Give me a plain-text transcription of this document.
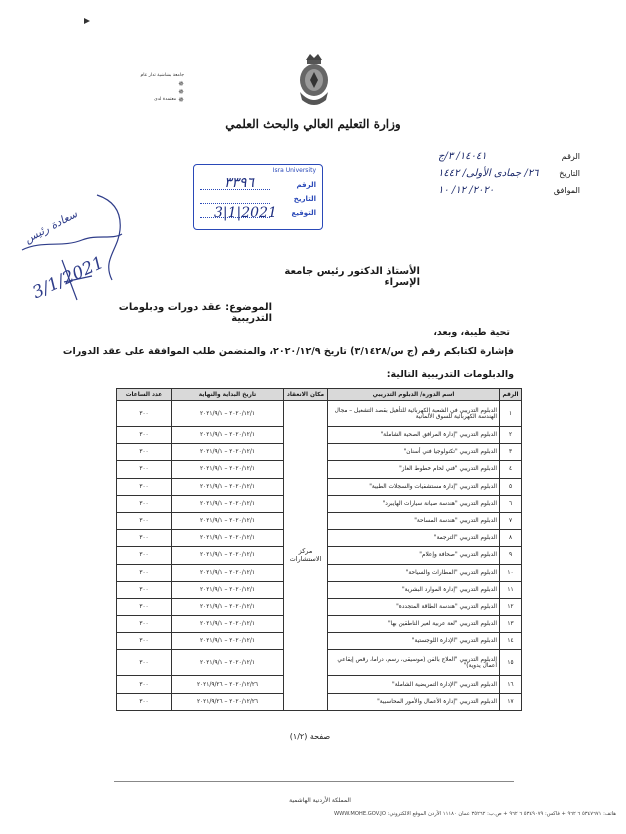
وزارة التعليم العالي والبحث العلمي
جامعة بشاشية تدار عام
✵
✵
معتمدة لدى ✵
الرقم
١٤٠٤١/ ٣/ج
التاريخ
٢٦/ جمادى الأولى/ ١٤٤٢
الموافق
٢٠٢٠/ ١٢/ ١٠
Isra University
الرقم
التاريخ
التوقيع
٣٣٩٦
3|1|2021
سعادة رئيس
3/1/2021	الأستاذ الدكتور رئيس جامعة الإسراء
الموضوع: عقد دورات ودبلومات التدريبية
تحية طيبة، وبعد،
فإشارة لكتابكم رقم (ج س/٣/١٤٢٨) تاريخ ٢٠٢٠/١٢/٩، والمتضمن طلب الموافقة على عقد الدورات
والدبلومات التدريبية التالية:
الرقم	اسم الدورة/ الدبلوم التدريبي	مكان الانعقاد	تاريخ البداية والنهاية	عدد الساعات
١	الدبلوم التدريبي في الشعبة الكهربائية للتأهيل بقصد التشغيل – مجال الهندسة الكهربائية للسوق الألمانية	مركز الاستشارات	٢٠٢٠/١٢/١ – ٢٠٢١/٩/١	٣٠٠
٢	الدبلوم التدريبي "إدارة المرافق الصحية الشاملة"		٢٠٢٠/١٢/١ – ٢٠٢١/٩/١	٣٠٠
٣	الدبلوم التدريبي "تكنولوجيا فني أسنان"		٢٠٢٠/١٢/١ – ٢٠٢١/٩/١	٣٠٠
٤	الدبلوم التدريبي "فني لحام خطوط الغاز"		٢٠٢٠/١٢/١ – ٢٠٢١/٩/١	٣٠٠
٥	الدبلوم التدريبي "إدارة مستشفيات والسجلات الطبية"		٢٠٢٠/١٢/١ – ٢٠٢١/٩/١	٣٠٠
٦	الدبلوم التدريبي "هندسة صيانة سيارات الهايبرد"		٢٠٢٠/١٢/١ – ٢٠٢١/٩/١	٣٠٠
٧	الدبلوم التدريبي "هندسة المساحة"		٢٠٢٠/١٢/١ – ٢٠٢١/٩/١	٣٠٠
٨	الدبلوم التدريبي "الترجمة"		٢٠٢٠/١٢/١ – ٢٠٢١/٩/١	٣٠٠
٩	الدبلوم التدريبي "صحافة وإعلام"		٢٠٢٠/١٢/١ – ٢٠٢١/٩/١	٣٠٠
١٠	الدبلوم التدريبي "المطارات والسياحة"		٢٠٢٠/١٢/١ – ٢٠٢١/٩/١	٣٠٠
١١	الدبلوم التدريبي "إدارة الموارد البشرية"		٢٠٢٠/١٢/١ – ٢٠٢١/٩/١	٣٠٠
١٢	الدبلوم التدريبي "هندسة الطاقة المتجددة"		٢٠٢٠/١٢/١ – ٢٠٢١/٩/١	٣٠٠
١٣	الدبلوم التدريبي "لغة عربية لغير الناطقين بها"		٢٠٢٠/١٢/١ – ٢٠٢١/٩/١	٣٠٠
١٤	الدبلوم التدريبي "الإدارة اللوجستية"		٢٠٢٠/١٢/١ – ٢٠٢١/٩/١	٣٠٠
١٥	الدبلوم التدريبي "العلاج بالفن (موسيقى، رسم، دراما، رقص إيقاعي أعمال يدوية)"		٢٠٢٠/١٢/١ – ٢٠٢١/٩/١	٣٠٠
١٦	الدبلوم التدريبي "الإدارة التمريضية الشاملة"		٢٠٢٠/١٢/٢٦ – ٢٠٢١/٩/٢٦	٣٠٠
١٧	الدبلوم التدريبي "إدارة الأعمال والأمور المحاسبية"		٢٠٢٠/١٢/٢٦ – ٢٠٢١/٩/٢٦	٣٠٠
صفحة (١/٢)
المملكة الأردنية الهاشمية
هاتف: ٥٣٤٧٦٧١ ٦ ٩٦٢ + فاكس: ٥٣٤٩٠٧٩ ٦ ٩٦٢ + ص.ب: ٣٥٢٦٢ عمان ١١١٨٠ الأردن الموقع الالكتروني: WWW.MOHE.GOV.JO
